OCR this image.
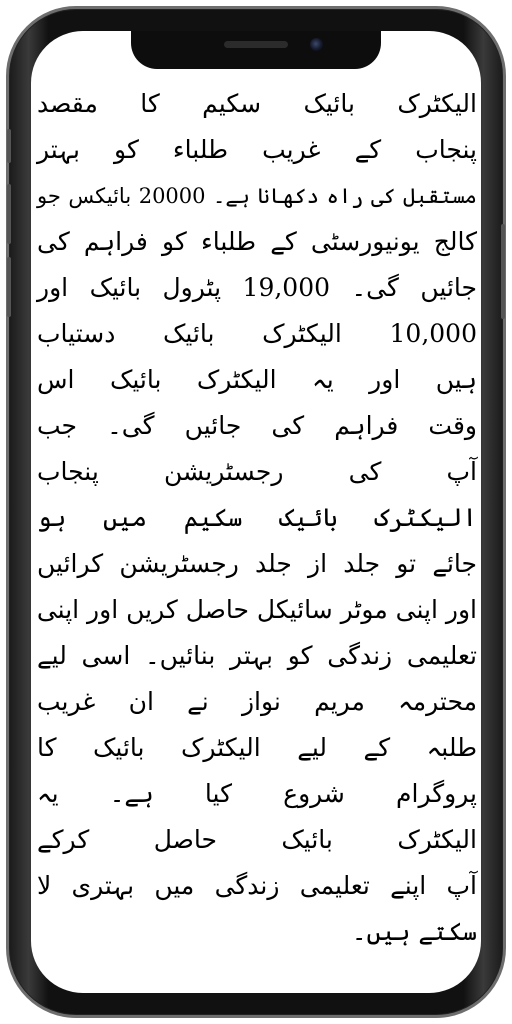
الیکٹرک بائیک سکیم کا مقصد
پنجاب کے غریب طلباء کو بہتر
مستقبل کی راہ دکھانا ہے۔ 20000 بائیکس جو
کالج یونیورسٹی کے طلباء کو فراہم کی
جائیں گی۔ 19,000 پٹرول بائیک اور
10,000 الیکٹرک بائیک دستیاب
ہیں اور یہ الیکٹرک بائیک اس
وقت فراہم کی جائیں گی۔ جب
آپ کی رجسٹریشن پنجاب
الیکٹرک بائیک سکیم میں ہو
جائے تو جلد از جلد رجسٹریشن کرائیں
اور اپنی موٹر سائیکل حاصل کریں اور اپنی
تعلیمی زندگی کو بہتر بنائیں۔ اسی لیے
محترمہ مریم نواز نے ان غریب
طلبہ کے لیے الیکٹرک بائیک کا
پروگرام شروع کیا ہے۔ یہ
الیکٹرک بائیک حاصل کرکے
آپ اپنے تعلیمی زندگی میں بہتری لا
سکتے ہیں۔
